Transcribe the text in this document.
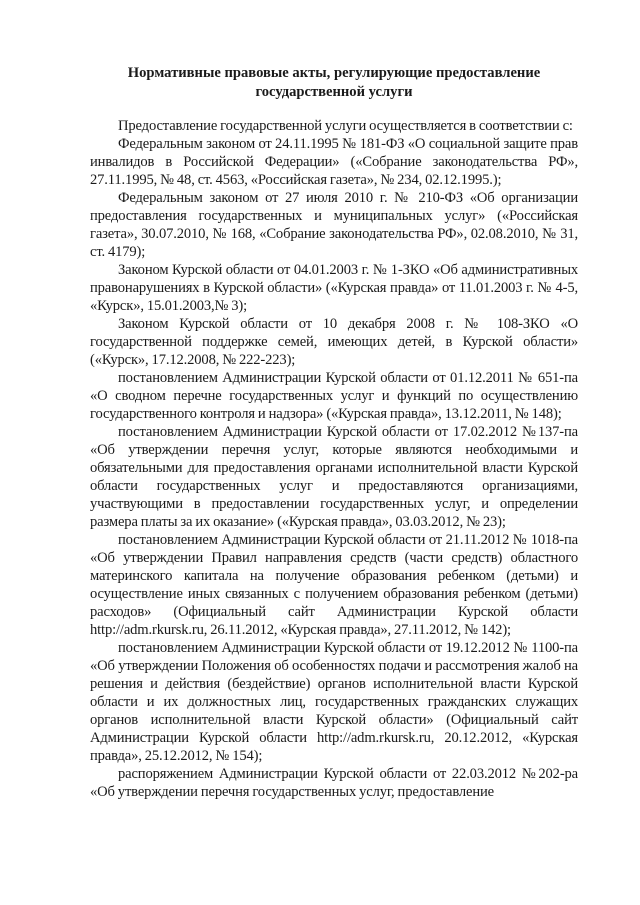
Нормативные правовые акты, регулирующие предоставление государственной услуги

Предоставление государственной услуги осуществляется в соответствии с:

Федеральным законом от 24.11.1995 № 181-ФЗ «О социальной защите прав инвалидов в Российской Федерации» («Собрание законодательства РФ», 27.11.1995, № 48, ст. 4563, «Российская газета», № 234, 02.12.1995.);

Федеральным законом от 27 июля 2010 г. № 210-ФЗ «Об организации предоставления государственных и муниципальных услуг» («Российская газета», 30.07.2010, № 168, «Собрание законодательства РФ», 02.08.2010, № 31, ст. 4179);

Законом Курской области от 04.01.2003 г. № 1-ЗКО «Об административных правонарушениях в Курской области» («Курская правда» от 11.01.2003 г. № 4-5, «Курск», 15.01.2003,№ 3);

Законом Курской области от 10 декабря 2008 г. № 108-ЗКО «О государственной поддержке семей, имеющих детей, в Курской области» («Курск», 17.12.2008, № 222-223);

постановлением Администрации Курской области от 01.12.2011 № 651-па «О сводном перечне государственных услуг и функций по осуществлению государственного контроля и надзора» («Курская правда», 13.12.2011, № 148);

постановлением Администрации Курской области от 17.02.2012 №137-па «Об утверждении перечня услуг, которые являются необходимыми и обязательными для предоставления органами исполнительной власти Курской области государственных услуг и предоставляются организациями, участвующими в предоставлении государственных услуг, и определении размера платы за их оказание» («Курская правда», 03.03.2012, № 23);

постановлением Администрации Курской области от 21.11.2012 № 1018-па «Об утверждении Правил направления средств (части средств) областного материнского капитала на получение образования ребенком (детьми) и осуществление иных связанных с получением образования ребенком (детьми) расходов» (Официальный сайт Администрации Курской области http://adm.rkursk.ru, 26.11.2012, «Курская правда», 27.11.2012, № 142);

постановлением Администрации Курской области от 19.12.2012 № 1100-па «Об утверждении Положения об особенностях подачи и рассмотрения жалоб на решения и действия (бездействие) органов исполнительной власти Курской области и их должностных лиц, государственных гражданских служащих органов исполнительной власти Курской области» (Официальный сайт Администрации Курской области http://adm.rkursk.ru, 20.12.2012, «Курская правда», 25.12.2012, № 154);

распоряжением Администрации Курской области от 22.03.2012 №202-ра «Об утверждении перечня государственных услуг, предоставление
